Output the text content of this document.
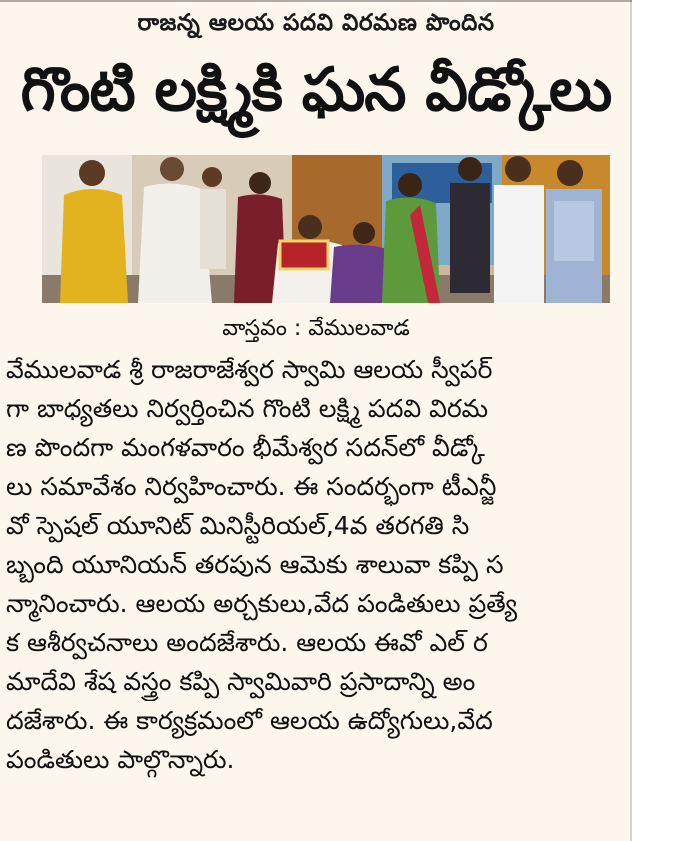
రాజన్న ఆలయ పదవి విరమణ పొందిన
గొంటి లక్ష్మికి ఘన వీడ్కోలు
వాస్తవం : వేములవాడ
వేములవాడ శ్రీ రాజరాజేశ్వర స్వామి ఆలయ స్వీపర్
గా బాధ్యతలు నిర్వర్తించిన గొంటి లక్ష్మి పదవి విరమ
ణ పొందగా మంగళవారం భీమేశ్వర సదన్‌లో వీడ్కో
లు సమావేశం నిర్వహించారు. ఈ సందర్భంగా టీఎన్జీ
వో స్పెషల్ యూనిట్ మినిస్టీరియల్,4వ తరగతి సి
బ్బంది యూనియన్ తరపున ఆమెకు శాలువా కప్పి స
న్మానించారు. ఆలయ అర్చకులు,వేద పండితులు ప్రత్యే
క ఆశీర్వచనాలు అందజేశారు. ఆలయ ఈవో ఎల్ ర
మాదేవి శేష వస్త్రం కప్పి స్వామివారి ప్రసాదాన్ని అం
దజేశారు. ఈ కార్యక్రమంలో ఆలయ ఉద్యోగులు,వేద
పండితులు పాల్గొన్నారు.
